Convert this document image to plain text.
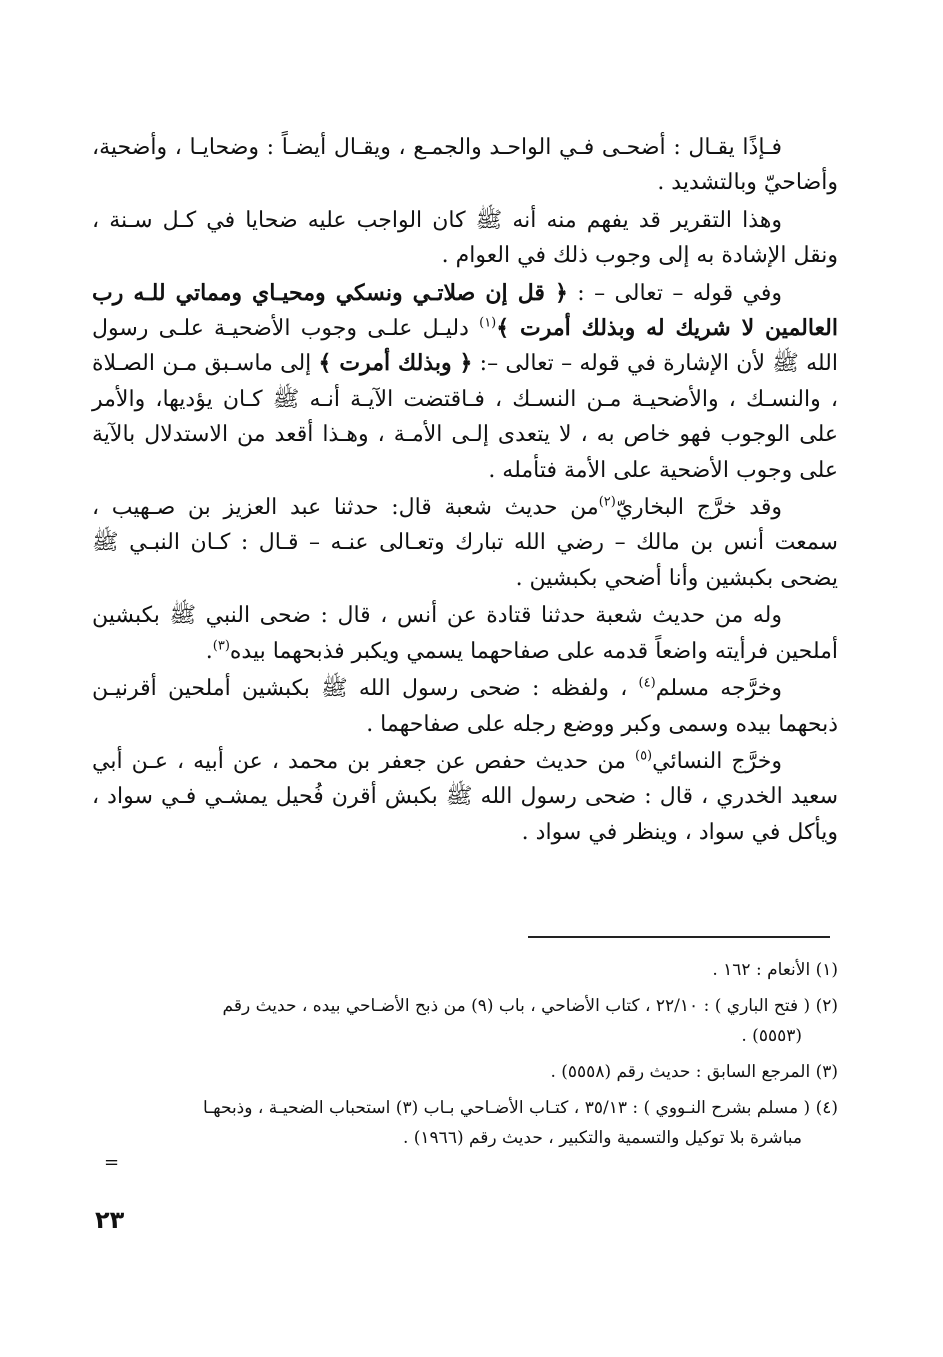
فـإذًا يقـال : أضحـى فـي الواحـد والجمـع ، ويقـال أيضـاً : وضحايـا ، وأضحية، وأضاحيّ وبالتشديد .

وهذا التقرير قد يفهم منه أنه ﷺ كان الواجب عليه ضحايا في كـل سـنة ، ونقل الإشادة به إلى وجوب ذلك في العوام .

وفي قوله – تعالى – : ﴿ قل إن صلاتـي ونسكي ومحيـاي ومماتي للـه رب العالمين لا شريك له وبذلك أمرت ﴾$^{(١)}$ دليـل علـى وجوب الأضحيـة علـى رسول الله ﷺ لأن الإشارة في قوله – تعالى –: ﴿ وبذلك أمرت ﴾ إلى ماسـبق مـن الصـلاة ، والنسـك ، والأضحيـة مـن النسـك ، فـاقتضت الآيـة أنـه ﷺ كـان يؤديها، والأمر على الوجوب فهو خاص به ، لا يتعدى إلـى الأمـة ، وهـذا أقعد من الاستدلال بالآية على وجوب الأضحية على الأمة فتأمله .

وقد خرَّج البخاريّ$^{(٢)}$من حديث شعبة قال: حدثنا عبد العزيز بن صـهيب ، سمعت أنس بن مالك – رضي الله تبارك وتعـالى عنـه – قـال : كـان النبـي ﷺ يضحى بكبشين وأنا أضحي بكبشين .

وله من حديث شعبة حدثنا قتادة عن أنس ، قال : ضحى النبي ﷺ بكبشين أملحين فرأيته واضعاً قدمه على صفاحهما يسمي ويكبر فذبحهما بيده$^{(٣)}$.

وخرَّجه مسلم$^{(٤)}$ ، ولفظه : ضحى رسول الله ﷺ بكبشين أملحين أقرنيـن ذبحهما بيده وسمى وكبر ووضع رجله على صفاحهما .

وخرَّج النسائي$^{(٥)}$ من حديث حفص عن جعفر بن محمد ، عن أبيه ، عـن أبي سعيد الخدري ، قال : ضحى رسول الله ﷺ بكبش أقرن فُحيل يمشـي فـي سواد ، ويأكل في سواد ، وينظر في سواد .

(١) الأنعام : ١٦٢ .

(٢) ( فتح الباري ) : ٢٢/١٠ ، كتاب الأضاحي ، باب (٩) من ذبح الأضـاحي بيده ، حديث رقم
(٥٥٥٣) .

(٣) المرجع السابق : حديث رقم (٥٥٥٨) .

(٤) ( مسلم بشرح النـووي ) : ٣٥/١٣ ، كتـاب الأضـاحي بـاب (٣) استحباب الضحيـة ، وذبحهـا
مباشرة بلا توكيل والتسمية والتكبير ، حديث رقم (١٩٦٦) .

=
٢٣
